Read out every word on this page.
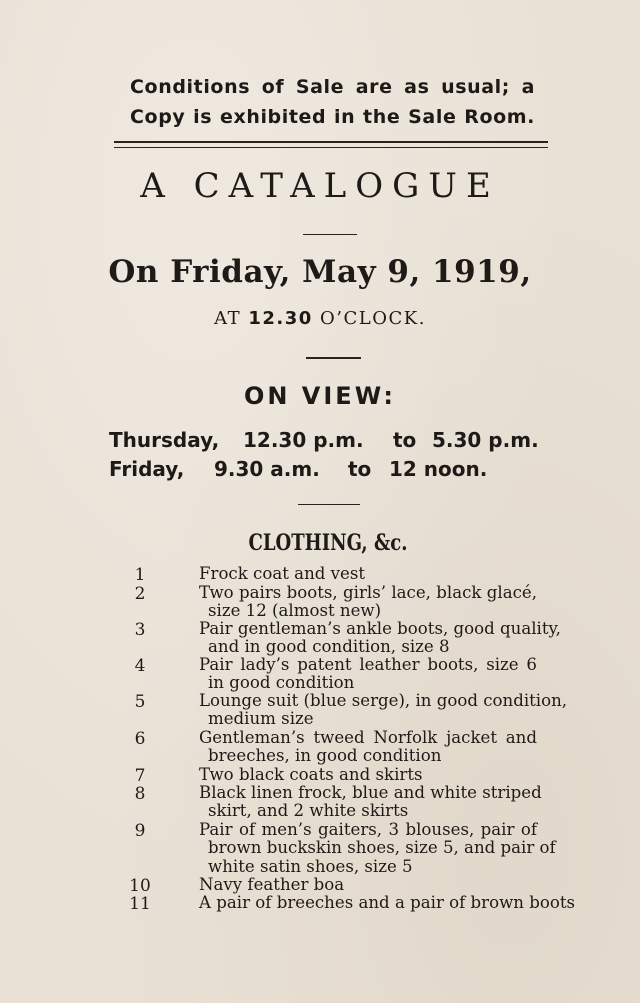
Conditions of Sale are as usual; a
Copy is exhibited in the Sale Room.
A CATALOGUE
On Friday, May 9, 1919,
AT 12.30 O’CLOCK.
ON VIEW:
Thursday, 12.30 p.m. to 5.30 p.m.
Friday, 9.30 a.m. to 12 noon.
CLOTHING, &c.
1	Frock coat and vest
2	Two pairs boots, girls’ lace, black glacé,
size 12 (almost new)
3	Pair gentleman’s ankle boots, good quality,
and in good condition, size 8
4	Pair lady’s patent leather boots, size 6
in good condition
5	Lounge suit (blue serge), in good condition,
medium size
6	Gentleman’s tweed Norfolk jacket and
breeches, in good condition
7	Two black coats and skirts
8	Black linen frock, blue and white striped
skirt, and 2 white skirts
9	Pair of men’s gaiters, 3 blouses, pair of
brown buckskin shoes, size 5, and pair of
white satin shoes, size 5
10	Navy feather boa
11	A pair of breeches and a pair of brown boots
